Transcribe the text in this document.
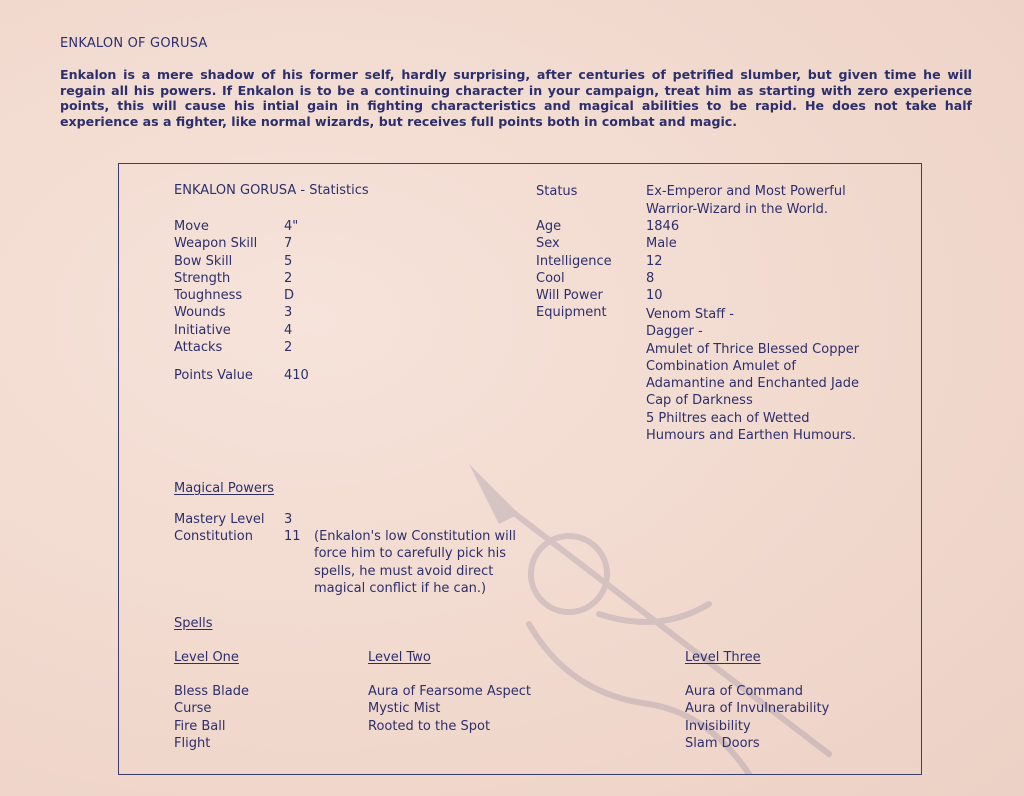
ENKALON OF GORUSA

Enkalon is a mere shadow of his former self, hardly surprising, after centuries of petrified slumber, but given time he will regain all his powers. If Enkalon is to be a continuing character in your campaign, treat him as starting with zero experience points, this will cause his intial gain in fighting characteristics and magical abilities to be rapid. He does not take half experience as a fighter, like normal wizards, but receives full points both in combat and magic.

ENKALON GORUSA - Statistics
Move
Weapon Skill
Bow Skill
Strength
Toughness
Wounds
Initiative
Attacks
4"
7
5
2
D
3
4
2
Points Value 410
Status	Ex-Emperor and Most Powerful
Warrior-Wizard in the World.
Age
Sex
Intelligence
Cool
Will Power
Equipment
1846
Male
12
8
10
Venom Staff -
Dagger -
Amulet of Thrice Blessed Copper
Combination Amulet of
Adamantine and Enchanted Jade
Cap of Darkness
5 Philtres each of Wetted
Humours and Earthen Humours.
Magical Powers
Mastery Level 3
Constitution 11 (Enkalon's low Constitution will force him to carefully pick his spells, he must avoid direct magical conflict if he can.)
Spells
Level One
Bless Blade
Curse
Fire Ball
Flight
Level Two
Aura of Fearsome Aspect
Mystic Mist
Rooted to the Spot
Level Three
Aura of Command
Aura of Invulnerability
Invisibility
Slam Doors
